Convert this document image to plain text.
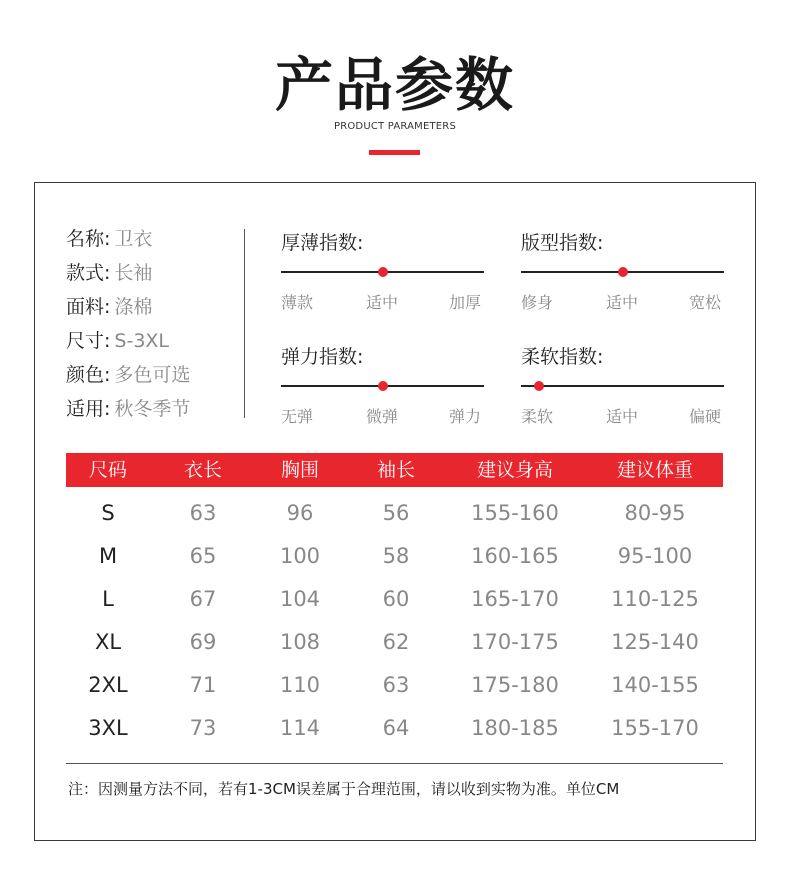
产品参数
PRODUCT PARAMETERS
名称: 卫衣
款式: 长袖
面料: 涤棉
尺寸: S-3XL
颜色: 多色可选
适用: 秋冬季节
厚薄指数:
薄款	适中	加厚
版型指数:
修身	适中	宽松
弹力指数:
无弹	微弹	弹力
柔软指数:
柔软	适中	偏硬
尺码	衣长	胸围	袖长	建议身高	建议体重
S	63	96	56	155-160	80-95
M	65	100	58	160-165	95-100
L	67	104	60	165-170 110-125
XL	69	108	62	170-175 125-140
2XL	71	110	63	175-180 140-155
3XL	73	114	64	180-185 155-170
注：因测量方法不同，若有1-3CM误差属于合理范围，请以收到实物为准。单位CM
